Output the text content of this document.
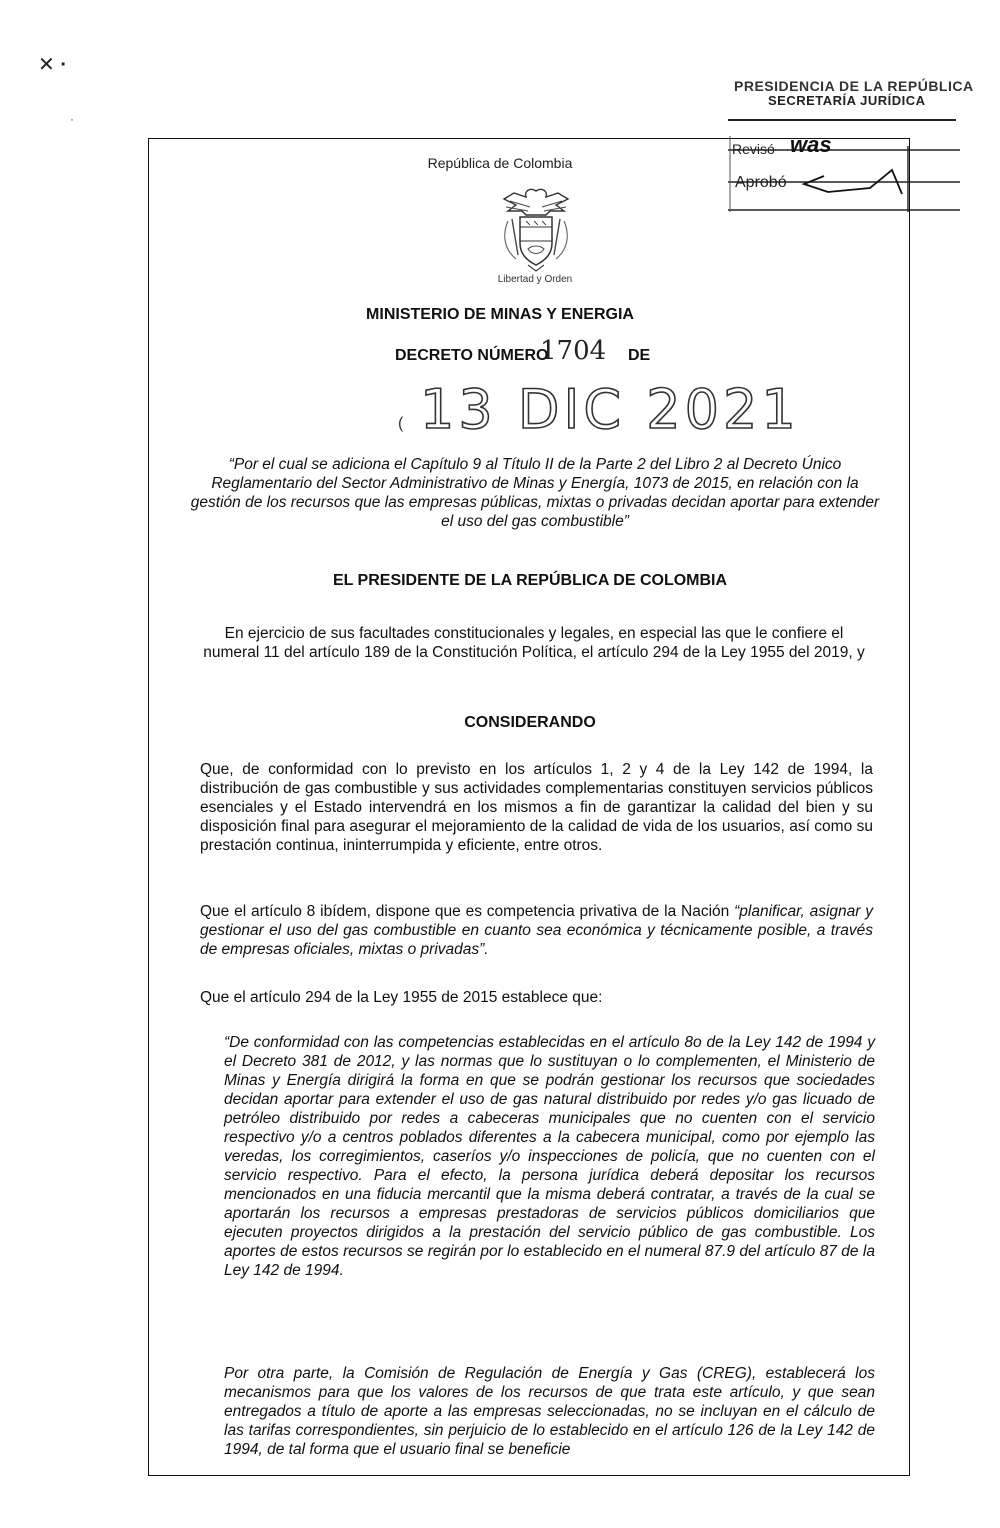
✕ ·
·
PRESIDENCIA DE LA REPÚBLICA
SECRETARÍA JURÍDICA
Revisó was
Aprobó
República de Colombia
Libertad y Orden
MINISTERIO DE MINAS Y ENERGIA
DECRETO NÚMERO
1704 DE
( 13 DIC 2021
“Por el cual se adiciona el Capítulo 9 al Título II de la Parte 2 del Libro 2 al Decreto Único Reglamentario del Sector Administrativo de Minas y Energía, 1073 de 2015, en relación con la gestión de los recursos que las empresas públicas, mixtas o privadas decidan aportar para extender el uso del gas combustible”
EL PRESIDENTE DE LA REPÚBLICA DE COLOMBIA
En ejercicio de sus facultades constitucionales y legales, en especial las que le confiere el numeral 11 del artículo 189 de la Constitución Política, el artículo 294 de la Ley 1955 del 2019, y
CONSIDERANDO
Que, de conformidad con lo previsto en los artículos 1, 2 y 4 de la Ley 142 de 1994, la distribución de gas combustible y sus actividades complementarias constituyen servicios públicos esenciales y el Estado intervendrá en los mismos a fin de garantizar la calidad del bien y su disposición final para asegurar el mejoramiento de la calidad de vida de los usuarios, así como su prestación continua, ininterrumpida y eficiente, entre otros.
Que el artículo 8 ibídem, dispone que es competencia privativa de la Nación “planificar, asignar y gestionar el uso del gas combustible en cuanto sea económica y técnicamente posible, a través de empresas oficiales, mixtas o privadas”.
Que el artículo 294 de la Ley 1955 de 2015 establece que:
“De conformidad con las competencias establecidas en el artículo 8o de la Ley 142 de 1994 y el Decreto 381 de 2012, y las normas que lo sustituyan o lo complementen, el Ministerio de Minas y Energía dirigirá la forma en que se podrán gestionar los recursos que sociedades decidan aportar para extender el uso de gas natural distribuido por redes y/o gas licuado de petróleo distribuido por redes a cabeceras municipales que no cuenten con el servicio respectivo y/o a centros poblados diferentes a la cabecera municipal, como por ejemplo las veredas, los corregimientos, caseríos y/o inspecciones de policía, que no cuenten con el servicio respectivo. Para el efecto, la persona jurídica deberá depositar los recursos mencionados en una fiducia mercantil que la misma deberá contratar, a través de la cual se aportarán los recursos a empresas prestadoras de servicios públicos domiciliarios que ejecuten proyectos dirigidos a la prestación del servicio público de gas combustible. Los aportes de estos recursos se regirán por lo establecido en el numeral 87.9 del artículo 87 de la Ley 142 de 1994.
Por otra parte, la Comisión de Regulación de Energía y Gas (CREG), establecerá los mecanismos para que los valores de los recursos de que trata este artículo, y que sean entregados a título de aporte a las empresas seleccionadas, no se incluyan en el cálculo de las tarifas correspondientes, sin perjuicio de lo establecido en el artículo 126 de la Ley 142 de 1994, de tal forma que el usuario final se beneficie
